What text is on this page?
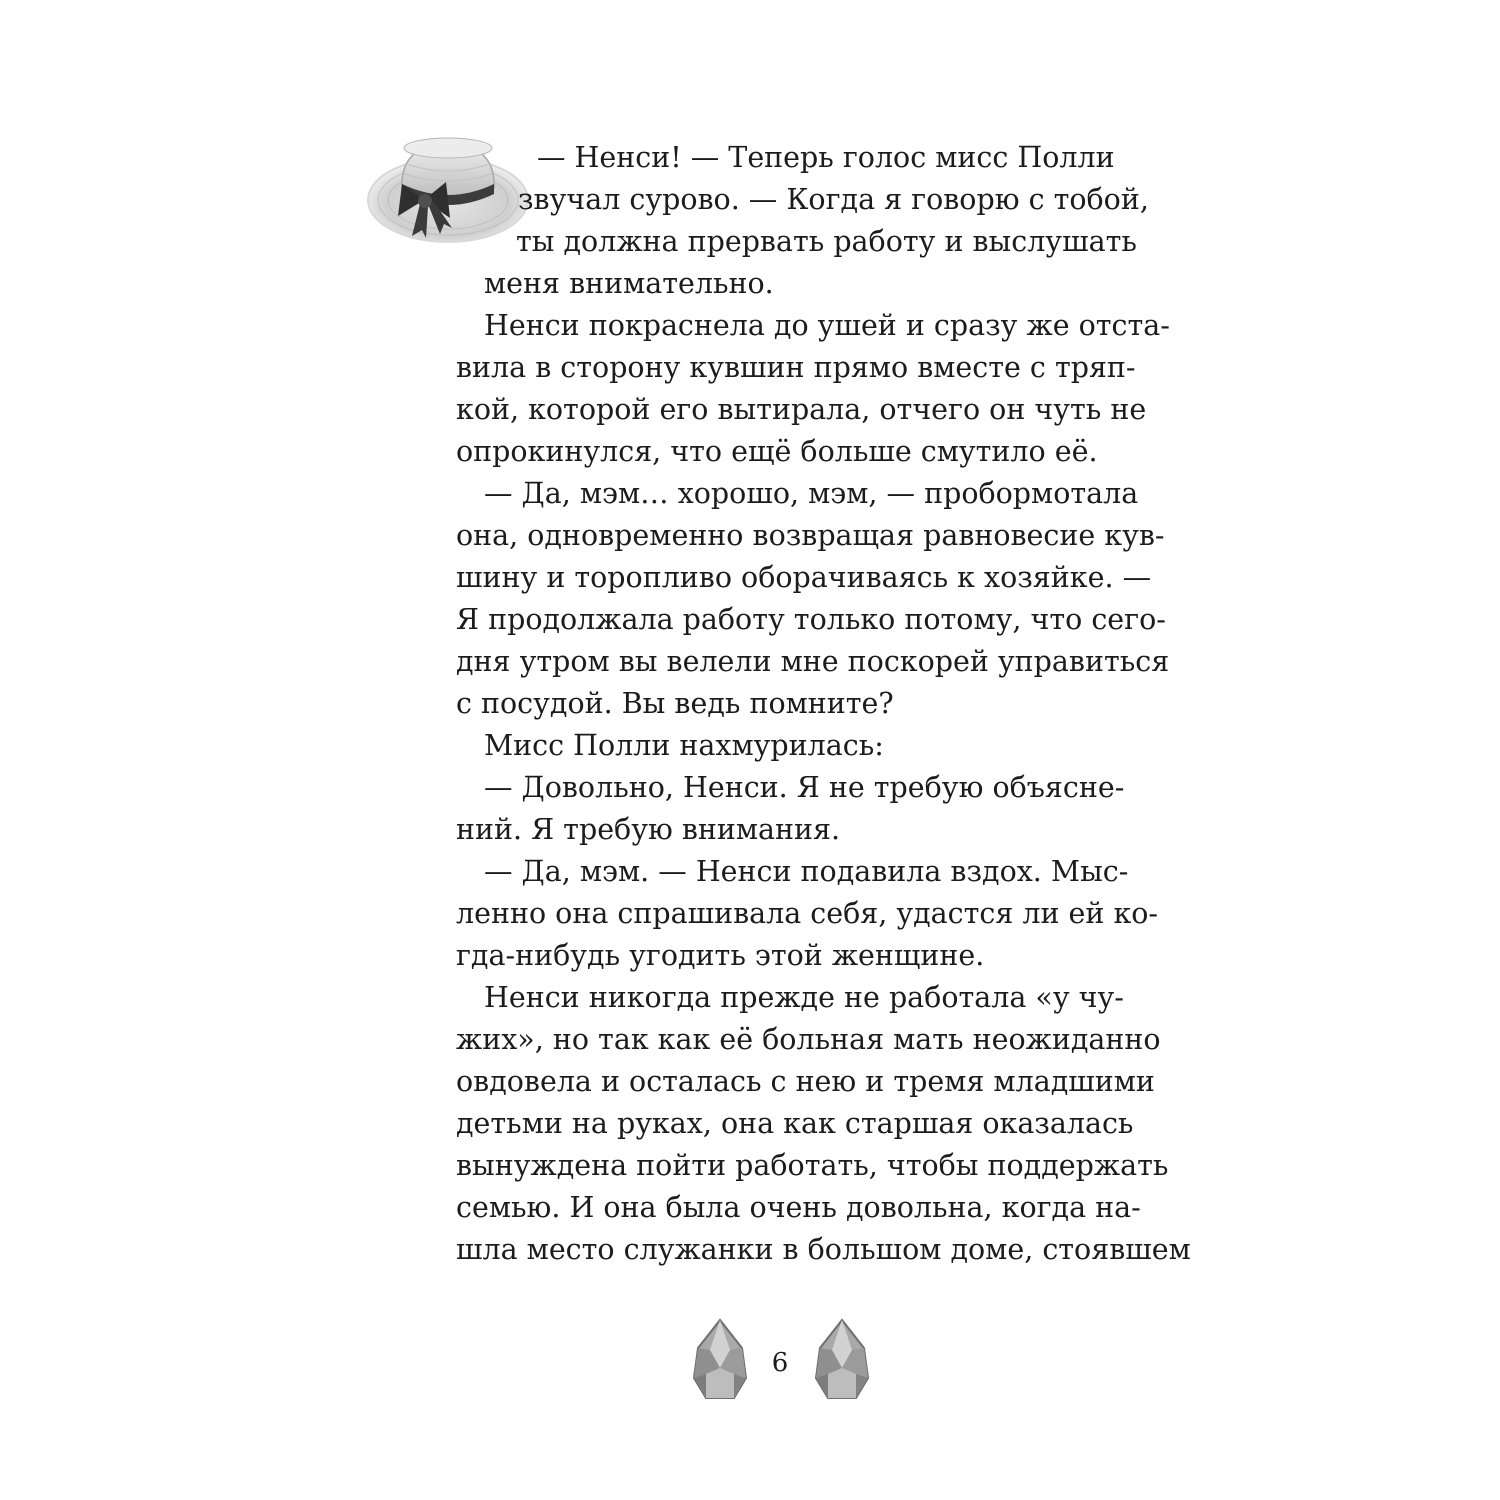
— Ненси! — Теперь голос мисс Полли
звучал сурово. — Когда я говорю с тобой,
ты должна прервать работу и выслушать
меня внимательно.
Ненси покраснела до ушей и сразу же отста-
вила в сторону кувшин прямо вместе с тряп-
кой, которой его вытирала, отчего он чуть не
опрокинулся, что ещё больше смутило её.
— Да, мэм… хорошо, мэм, — пробормотала
она, одновременно возвращая равновесие кув-
шину и торопливо оборачиваясь к хозяйке. —
Я продолжала работу только потому, что сего-
дня утром вы велели мне поскорей управиться
с посудой. Вы ведь помните?
Мисс Полли нахмурилась:
— Довольно, Ненси. Я не требую объясне-
ний. Я требую внимания.
— Да, мэм. — Ненси подавила вздох. Мыс-
ленно она спрашивала себя, удастся ли ей ко-
гда-нибудь угодить этой женщине.
Ненси никогда прежде не работала «у чу-
жих», но так как её больная мать неожиданно
овдовела и осталась с нею и тремя младшими
детьми на руках, она как старшая оказалась
вынуждена пойти работать, чтобы поддержать
семью. И она была очень довольна, когда на-
шла место служанки в большом доме, стоявшем
6
